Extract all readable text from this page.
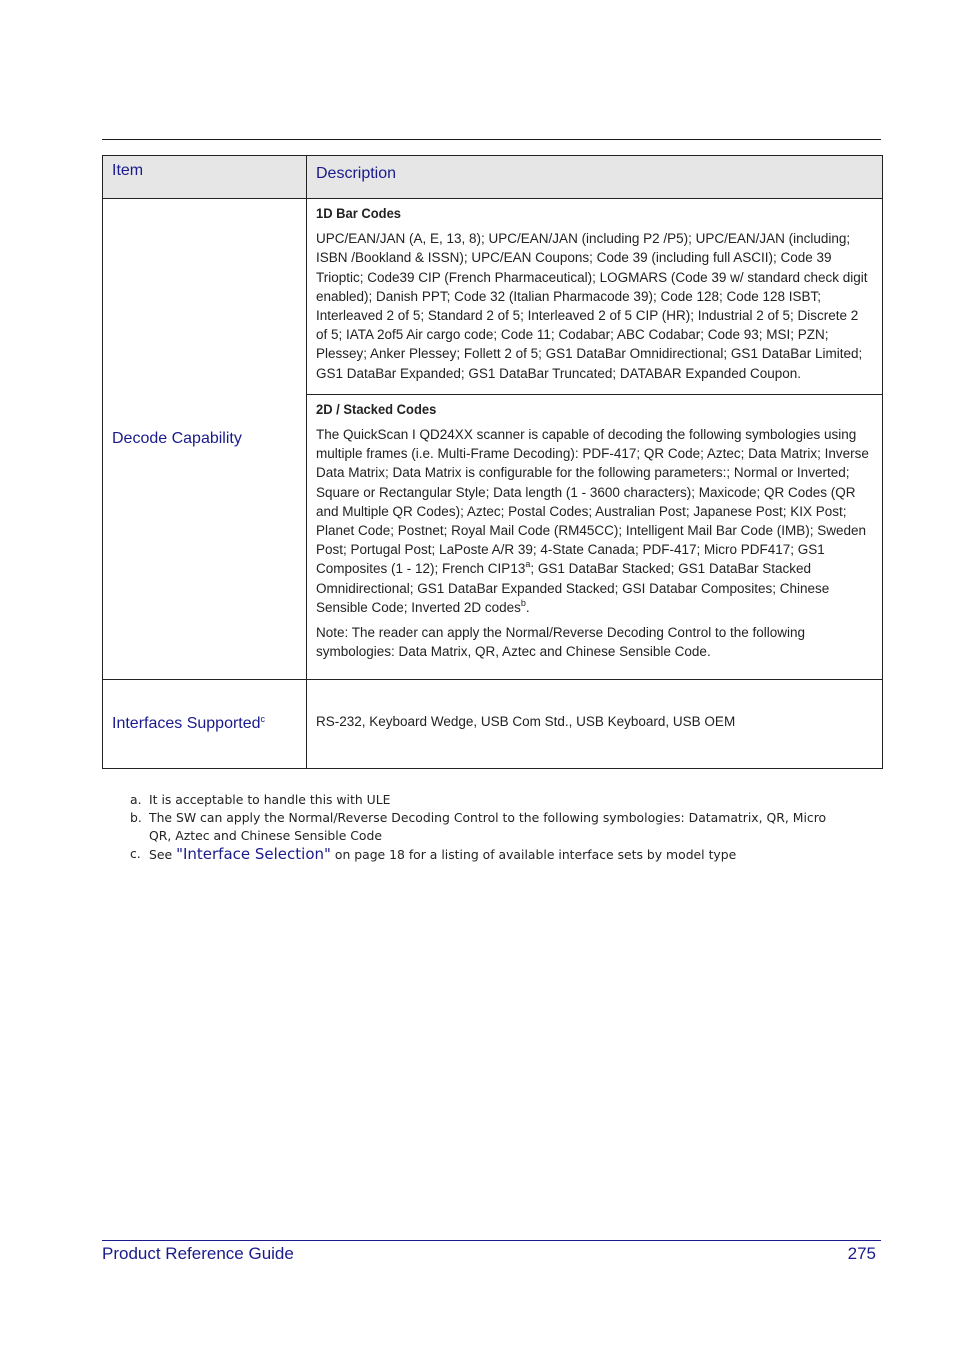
Item	Description

Decode Capability	1D Bar Codes

UPC/EAN/JAN (A, E, 13, 8); UPC/EAN/JAN (including P2 /P5); UPC/EAN/JAN (including; ISBN /Bookland & ISSN); UPC/EAN Coupons; Code 39 (including full ASCII); Code 39 Trioptic; Code39 CIP (French Pharmaceutical); LOGMARS (Code 39 w/ standard check digit enabled); Danish PPT; Code 32 (Italian Pharmacode 39); Code 128; Code 128 ISBT; Interleaved 2 of 5; Standard 2 of 5; Interleaved 2 of 5 CIP (HR); Industrial 2 of 5; Discrete 2 of 5; IATA 2of5 Air cargo code; Code 11; Codabar; ABC Codabar; Code 93; MSI; PZN; Plessey; Anker Plessey; Follett 2 of 5; GS1 DataBar Omnidirectional; GS1 DataBar Limited; GS1 DataBar Expanded; GS1 DataBar Truncated; DATABAR Expanded Coupon.

	2D / Stacked Codes

The QuickScan I QD24XX scanner is capable of decoding the following symbologies using multiple frames (i.e. Multi-Frame Decoding): PDF-417; QR Code; Aztec; Data Matrix; Inverse Data Matrix; Data Matrix is configurable for the following parameters:; Normal or Inverted; Square or Rectangular Style; Data length (1 - 3600 characters); Maxicode; QR Codes (QR and Multiple QR Codes); Aztec; Postal Codes; Australian Post; Japanese Post; KIX Post; Planet Code; Postnet; Royal Mail Code (RM45CC); Intelligent Mail Bar Code (IMB); Sweden Post; Portugal Post; LaPoste A/R 39; 4-State Canada; PDF-417; Micro PDF417; GS1 Composites (1 - 12); French CIP13$^a$; GS1 DataBar Stacked; GS1 DataBar Stacked Omnidirectional; GS1 DataBar Expanded Stacked; GSI Databar Composites; Chinese Sensible Code; Inverted 2D codes$^b$.

Note: The reader can apply the Normal/Reverse Decoding Control to the following symbologies: Data Matrix, QR, Aztec and Chinese Sensible Code.

Interfaces Supported$^c$	RS-232, Keyboard Wedge, USB Com Std., USB Keyboard, USB OEM
a. It is acceptable to handle this with ULE
b. The SW can apply the Normal/Reverse Decoding Control to the following symbologies: Datamatrix, QR, Micro QR, Aztec and Chinese Sensible Code
c. See "Interface Selection" on page 18 for a listing of available interface sets by model type
Product Reference Guide	275
